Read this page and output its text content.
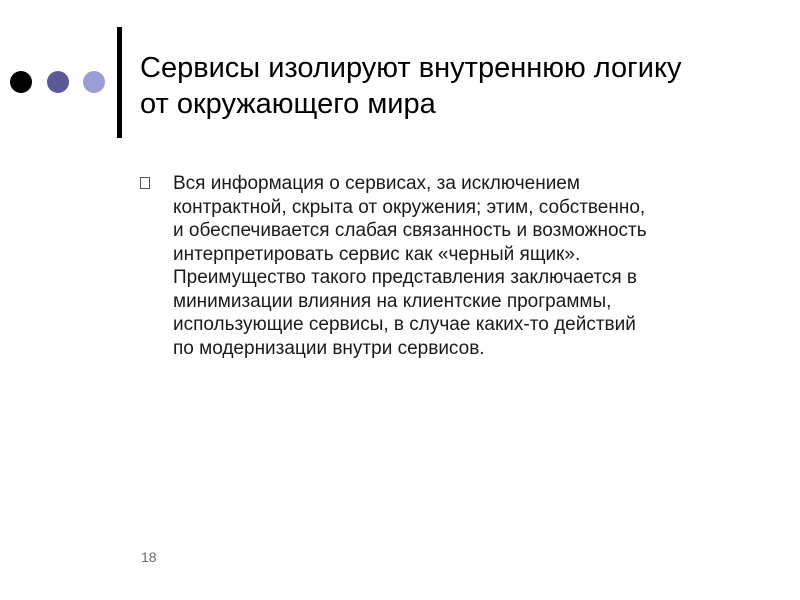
Сервисы изолируют внутреннюю логику
от окружающего мира
Вся информация о сервисах, за исключением
контрактной, скрыта от окружения; этим, собственно,
и обеспечивается слабая связанность и возможность
интерпретировать сервис как «черный ящик».
Преимущество такого представления заключается в
минимизации влияния на клиентские программы,
использующие сервисы, в случае каких-то действий
по модернизации внутри сервисов.
18
